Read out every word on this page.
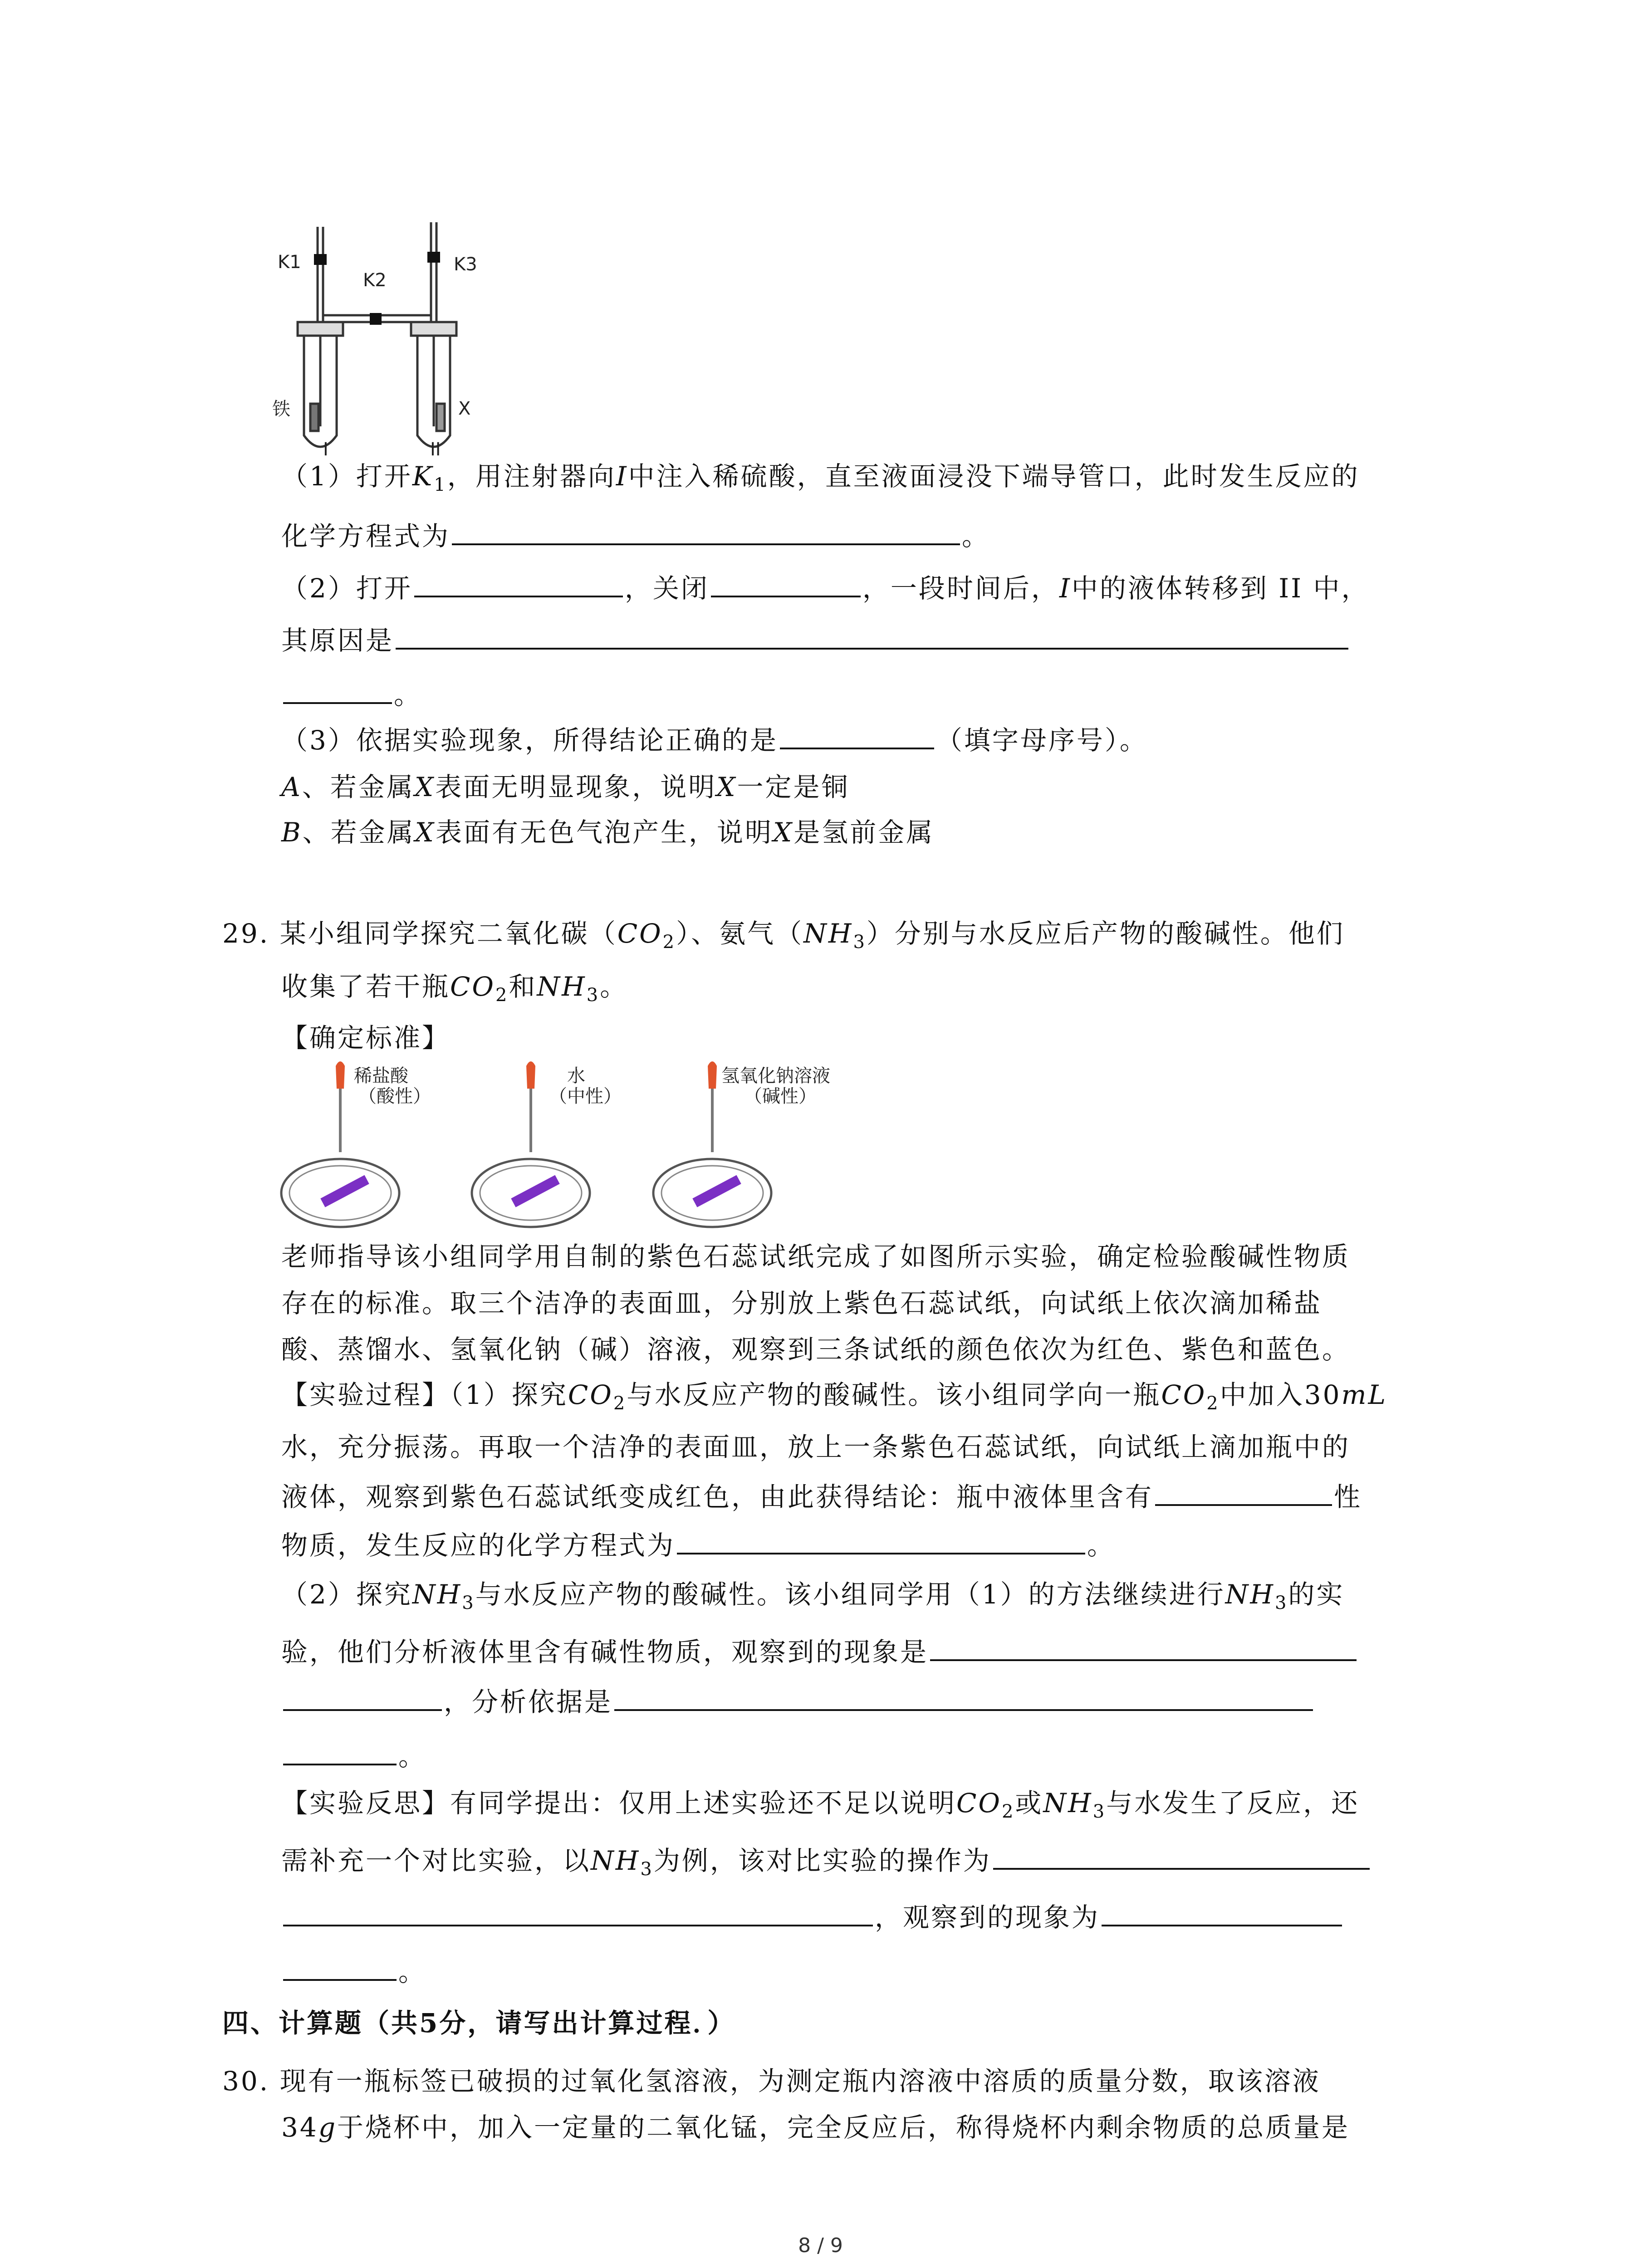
K1
K2
K3
铁	X
I	II
（1）打开$K_1$，用注射器向I中注入稀硫酸，直至液面浸没下端导管口，此时发生反应的
化学方程式为	。
（2）打开	，关闭	，一段时间后，I中的液体转移到 II 中，
其原因是
。
（3）依据实验现象，所得结论正确的是	（填字母序号）。
A、若金属X表面无明显现象，说明X一定是铜
B、若金属X表面有无色气泡产生，说明X是氢前金属
29. 某小组同学探究二氧化碳$(CO_2)$、氨气$(NH_3)$分别与水反应后产物的酸碱性。他们
收集了若干瓶$CO_2$和$NH_3$。
【确定标准】
稀盐酸
（酸性）
水
（中性）
氢氧化钠溶液
（碱性）
老师指导该小组同学用自制的紫色石蕊试纸完成了如图所示实验，确定检验酸碱性物质
存在的标准。取三个洁净的表面皿，分别放上紫色石蕊试纸，向试纸上依次滴加稀盐
酸、蒸馏水、氢氧化钠（碱）溶液，观察到三条试纸的颜色依次为红色、紫色和蓝色。
【实验过程】（1）探究$CO_2$与水反应产物的酸碱性。该小组同学向一瓶$CO_2$中加入30mL
水，充分振荡。再取一个洁净的表面皿，放上一条紫色石蕊试纸，向试纸上滴加瓶中的
液体，观察到紫色石蕊试纸变成红色，由此获得结论：瓶中液体里含有	性
物质，发生反应的化学方程式为	。
（2）探究$NH_3$与水反应产物的酸碱性。该小组同学用（1）的方法继续进行$NH_3$的实
验，他们分析液体里含有碱性物质，观察到的现象是
，分析依据是
。
【实验反思】有同学提出：仅用上述实验还不足以说明$CO_2$或$NH_3$与水发生了反应，还
需补充一个对比实验，以$NH_3$为例，该对比实验的操作为
，观察到的现象为
。
四、计算题（共5分，请写出计算过程．）
30. 现有一瓶标签已破损的过氧化氢溶液，为测定瓶内溶液中溶质的质量分数，取该溶液
34g于烧杯中，加入一定量的二氧化锰，完全反应后，称得烧杯内剩余物质的总质量是
8 / 9
